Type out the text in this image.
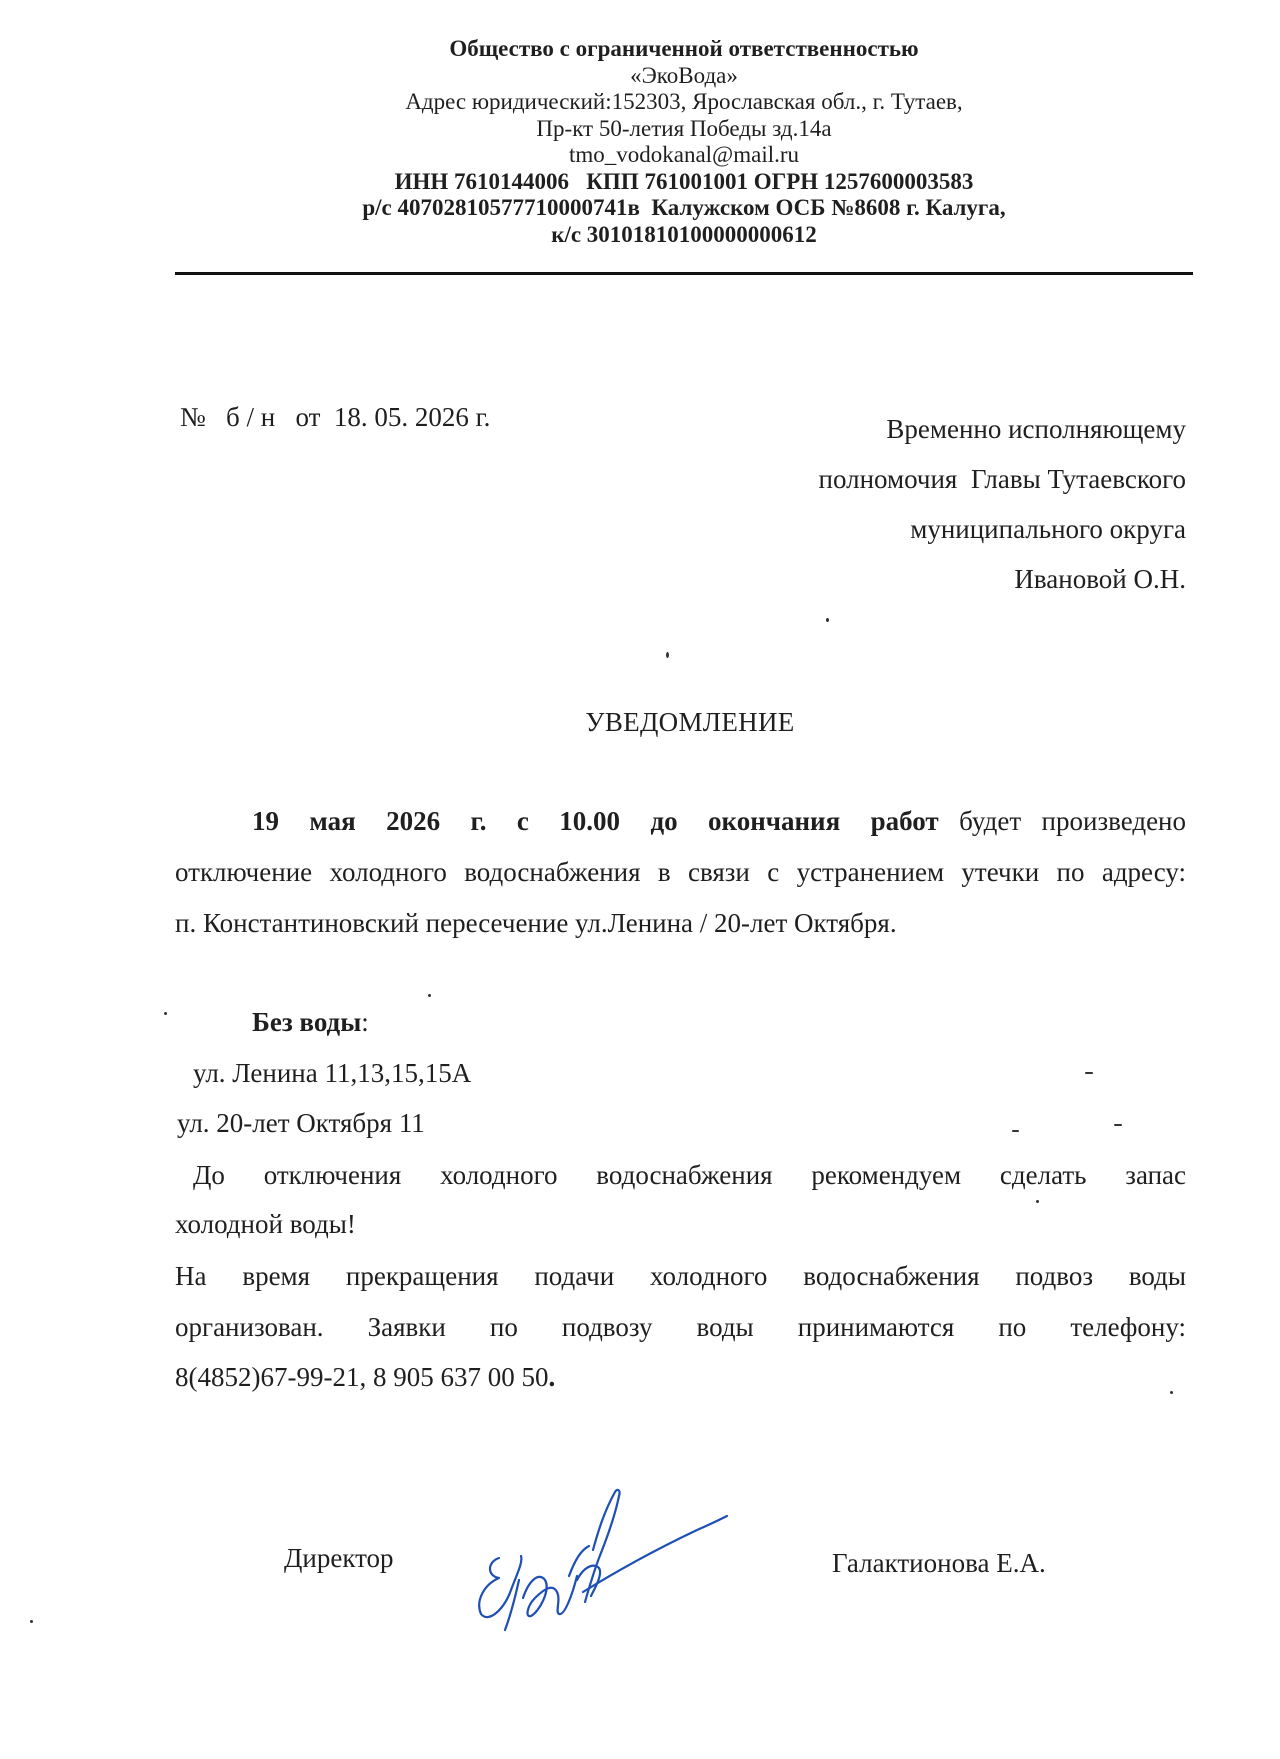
Общество с ограниченной ответственностью
«ЭкоВода»
Адрес юридический:152303, Ярославская обл., г. Тутаев,
Пр-кт 50-летия Победы зд.14а
tmo_vodokanal@mail.ru
ИНН 7610144006   КПП 761001001 ОГРН 1257600003583
р/с 40702810577710000741в  Калужском ОСБ №8608 г. Калуга,
к/с 30101810100000000612
№   б / н   от  18. 05. 2026 г.	Временно исполняющему
полномочия  Главы Тутаевского
муниципального округа
Ивановой О.Н.
УВЕДОМЛЕНИЕ
19 мая 2026 г. с 10.00 до окончания работ будет произведено
отключение холодного водоснабжения в связи с устранением утечки по адресу:
п. Константиновский пересечение ул.Ленина / 20-лет Октября.
Без воды:
ул. Ленина 11,13,15,15А
ул. 20-лет Октября 11
До отключения холодного водоснабжения рекомендуем сделать запас
холодной воды!
На время прекращения подачи холодного водоснабжения подвоз воды
организован. Заявки по подвозу воды принимаются по телефону:
8(4852)67-99-21, 8 905 637 00 50.
Директор	Галактионова Е.А.
